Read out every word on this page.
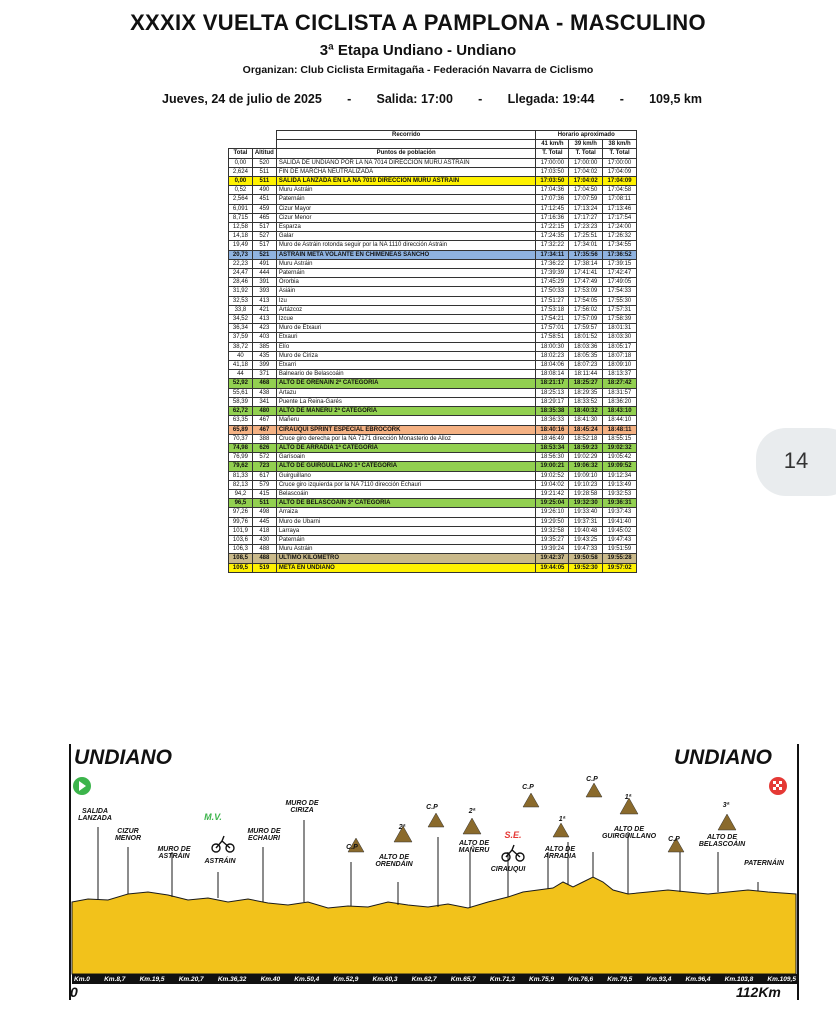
XXXIX VUELTA CICLISTA A PAMPLONA - MASCULINO
3ª Etapa Undiano - Undiano
Organizan: Club Ciclista Ermitagaña - Federación Navarra de Ciclismo
Jueves, 24 de julio de 2025 - Salida: 17:00 - Llegada: 19:44 - 109,5 km
		Recorrido	Horario aproximado		
			41 km/h	39 km/h	38 km/h
Total	Altitud	Puntos de población	T. Total	T. Total	T. Total
0,00	520	SALIDA DE UNDIANO POR LA NA 7014 DIRECCIÓN MURU ASTRÁIN	17:00:00	17:00:00	17:00:00
2,624	511	FIN DE MARCHA NEUTRALIZADA	17:03:50	17:04:02	17:04:09
0,00	511	SALIDA LANZADA EN LA NA 7010 DIRECCIÓN MURU ASTRÁIN	17:03:50	17:04:02	17:04:09
0,52	490	Muru Astráin	17:04:36	17:04:50	17:04:58
2,564	451	Paternáin	17:07:36	17:07:59	17:08:11
6,091	459	Cizur Mayor	17:12:45	17:13:24	17:13:46
8,715	465	Cizur Menor	17:16:36	17:17:27	17:17:54
12,58	517	Esparza	17:22:15	17:23:23	17:24:00
14,18	527	Galar	17:24:35	17:25:51	17:26:32
19,49	517	Muro de Astráin rotonda seguir por la NA 1110 dirección Astráin	17:32:22	17:34:01	17:34:55
20,73	521	ASTRÁIN META VOLANTE EN CHIMENEAS SANCHO	17:34:11	17:35:56	17:36:52
22,23	491	Muru Astráin	17:36:22	17:38:14	17:39:15
24,47	444	Paternáin	17:39:39	17:41:41	17:42:47
28,46	391	Ororbia	17:45:29	17:47:49	17:49:05
31,92	393	Asiáin	17:50:33	17:53:09	17:54:33
32,53	413	Izu	17:51:27	17:54:05	17:55:30
33,8	421	Artázcoz	17:53:18	17:56:02	17:57:31
34,52	413	Izcue	17:54:21	17:57:09	17:58:39
36,34	423	Muro de Etxauri	17:57:01	17:59:57	18:01:31
37,59	403	Etxauri	17:58:51	18:01:52	18:03:30
38,72	385	Elío	18:00:30	18:03:36	18:05:17
40	435	Muro de Ciriza	18:02:23	18:05:35	18:07:18
41,18	399	Etxarri	18:04:06	18:07:23	18:09:10
44	371	Balneario de Belascoáin	18:08:14	18:11:44	18:13:37
52,92	468	ALTO DE ORENÁIN 2ª CATEGORÍA	18:21:17	18:25:27	18:27:42
55,61	438	Artazu	18:25:13	18:29:35	18:31:57
58,39	341	Puente La Reina-Garés	18:29:17	18:33:52	18:36:20
62,72	480	ALTO DE MAÑERU 2ª CATEGORÍA	18:35:38	18:40:32	18:43:10
63,35	467	Mañeru	18:36:33	18:41:30	18:44:10
65,89	467	CIRAUQUI SPRINT ESPECIAL EBROCORK	18:40:16	18:45:24	18:48:11
70,37	388	Cruce giro derecha por la NA 7171 dirección Monasterio de Alloz	18:46:49	18:52:18	18:55:15
74,98	626	ALTO DE ARRADIA 1ª CATEGORÍA	18:53:34	18:59:23	19:02:32
76,99	572	Garísoain	18:56:30	19:02:29	19:05:42
79,62	723	ALTO DE GUIRGUILLANO 1ª CATEGORÍA	19:00:21	19:06:32	19:09:52
81,33	617	Guirguillano	19:02:52	19:09:10	19:12:34
82,13	579	Cruce giro izquierda por la NA 7110 dirección Echauri	19:04:02	19:10:23	19:13:49
94,2	415	Belascoáin	19:21:42	19:28:58	19:32:53
96,5	511	ALTO DE BELASCOÁIN 3ª CATEGORÍA	19:25:04	19:32:30	19:36:31
97,26	498	Arraiza	19:26:10	19:33:40	19:37:43
99,76	445	Muro de Ubarni	19:29:50	19:37:31	19:41:40
101,9	418	Larraya	19:32:58	19:40:48	19:45:02
103,6	430	Paternáin	19:35:27	19:43:25	19:47:43
106,3	488	Muru Astráin	19:39:24	19:47:33	19:51:59
108,5	488	ÚLTIMO KILÓMETRO	19:42:37	19:50:58	19:55:28
109,5	519	META EN UNDIANO	19:44:05	19:52:30	19:57:02
14
UNDIANO	UNDIANO
SALIDA
LANZADA
CIZUR
MENOR
MURO DE
ASTRÁIN
M.V.
ASTRÁIN
MURO DE
ECHAURI
MURO DE
CIRIZA
C.P
ALTO DE
ORENDÁIN
2ª
C.P
ALTO DE
MAÑERU
2ª
S.E.
CIRAUQUI
C.P
ALTO DE
ARRADIA
1ª
C.P
ALTO DE
GUIRGUILLANO
1ª
C.P	ALTO DE
BELASCOÁIN
3ª
PATERNÁIN
Km.0 Km.8,7 Km.19,5 Km.20,7 Km.36,32 Km.40 Km.50,4 Km.52,9 Km.60,3 Km.62,7 Km.65,7 Km.71,3 Km.75,9 Km.76,6 Km.79,5 Km.93,4 Km.96,4 Km.103,8 Km.109,5
0	112Km
